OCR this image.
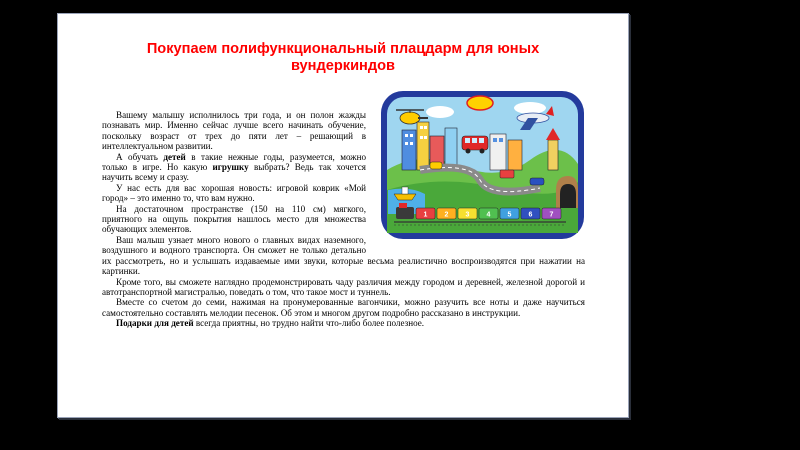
Покупаем полифункциональный плацдарм для юных вундеркиндов
1 2 3 4 5 6 7

Вашему малышу исполнилось три года, и он полон жажды познавать мир. Именно сейчас лучше всего начинать обучение, поскольку возраст от трех до пяти лет – решающий в интеллектуальном развитии.

А обучать детей в такие нежные годы, разумеется, можно только в игре. Но какую игрушку выбрать? Ведь так хочется научить всему и сразу.

У нас есть для вас хорошая новость: игровой коврик «Мой город» – это именно то, что вам нужно.

На достаточном пространстве (150 на 110 см) мягкого, приятного на ощупь покрытия нашлось место для множества обучающих элементов.

Ваш малыш узнает много нового о главных видах наземного, воздушного и водного транспорта. Он сможет не только детально их рассмотреть, но и услышать издаваемые ими звуки, которые весьма реалистично воспроизводятся при нажатии на картинки.

Кроме того, вы сможете наглядно продемонстрировать чаду различия между городом и деревней, железной дорогой и автотранспортной магистралью, поведать о том, что такое мост и туннель.

Вместе со счетом до семи, нажимая на пронумерованные вагончики, можно разучить все ноты и даже научиться самостоятельно составлять мелодии песенок. Об этом и многом другом подробно рассказано в инструкции.

Подарки для детей всегда приятны, но трудно найти что-либо более полезное.
